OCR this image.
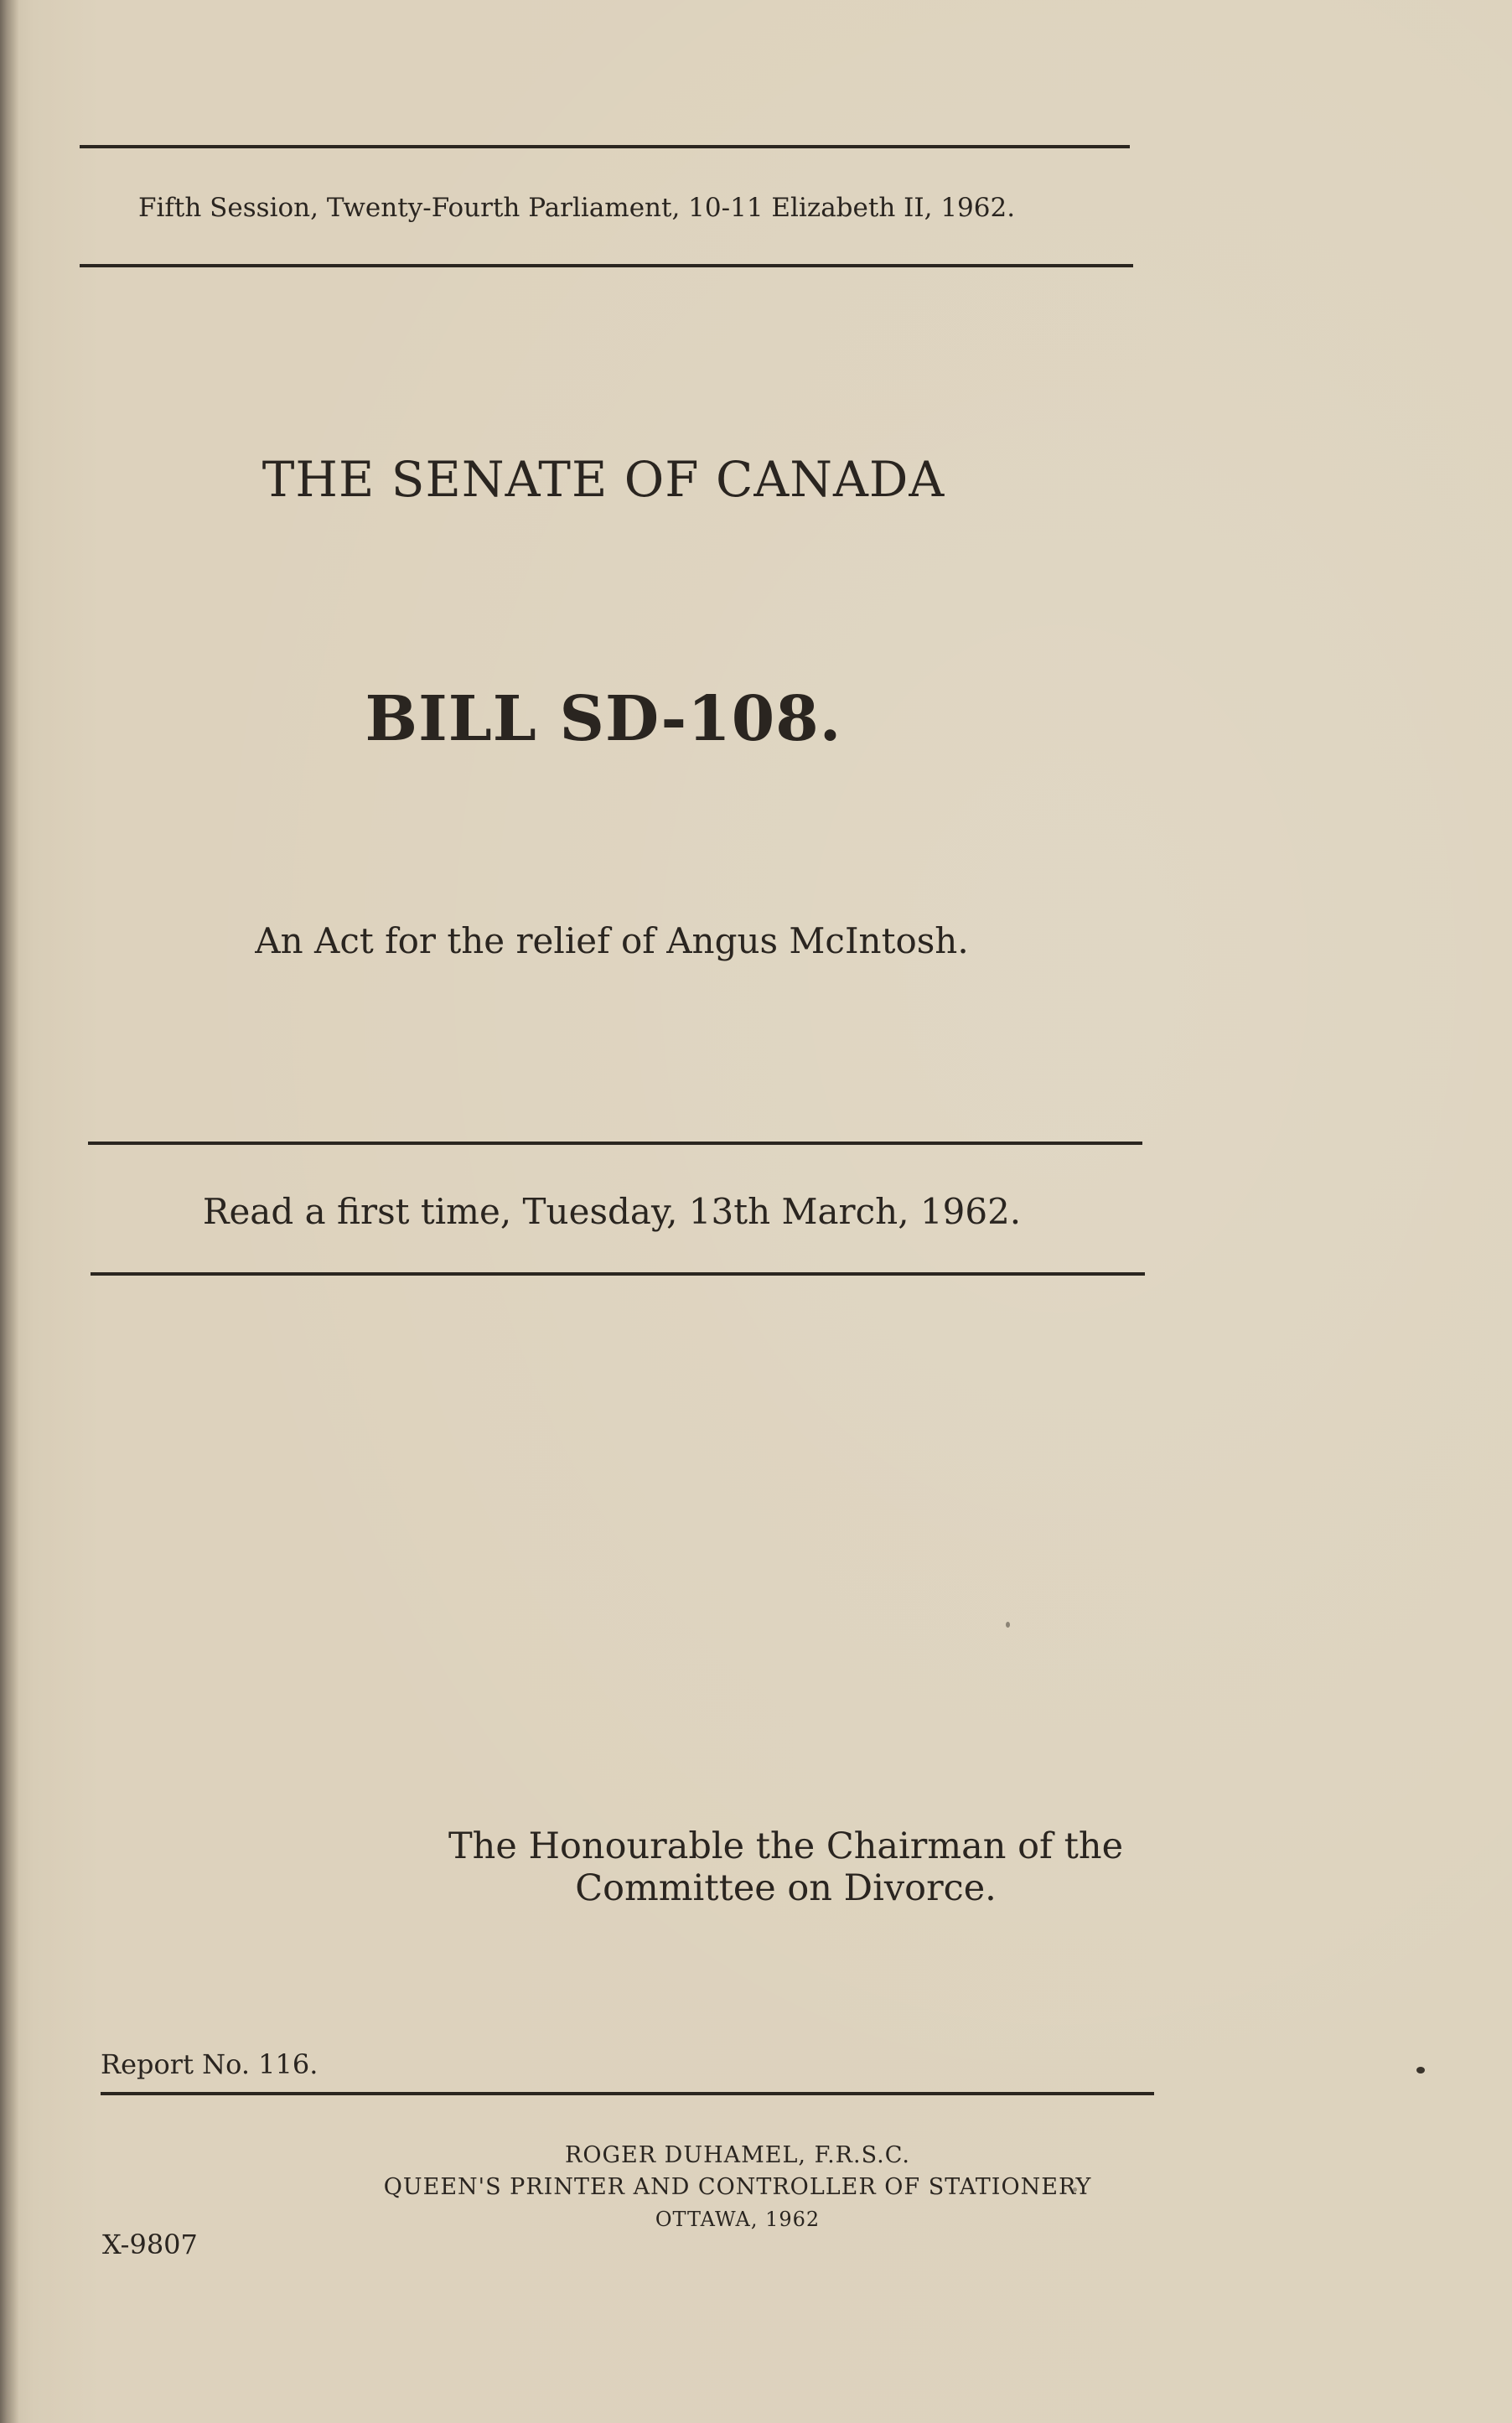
Fifth Session, Twenty-Fourth Parliament, 10-11 Elizabeth II, 1962.
THE SENATE OF CANADA
BILL SD-108.
An Act for the relief of Angus McIntosh.
Read a first time, Tuesday, 13th March, 1962.
The Honourable the Chairman of the
Committee on Divorce.
Report No. 116.
ROGER DUHAMEL, F.R.S.C.
QUEEN'S PRINTER AND CONTROLLER OF STATIONERY
OTTAWA, 1962
X-9807
